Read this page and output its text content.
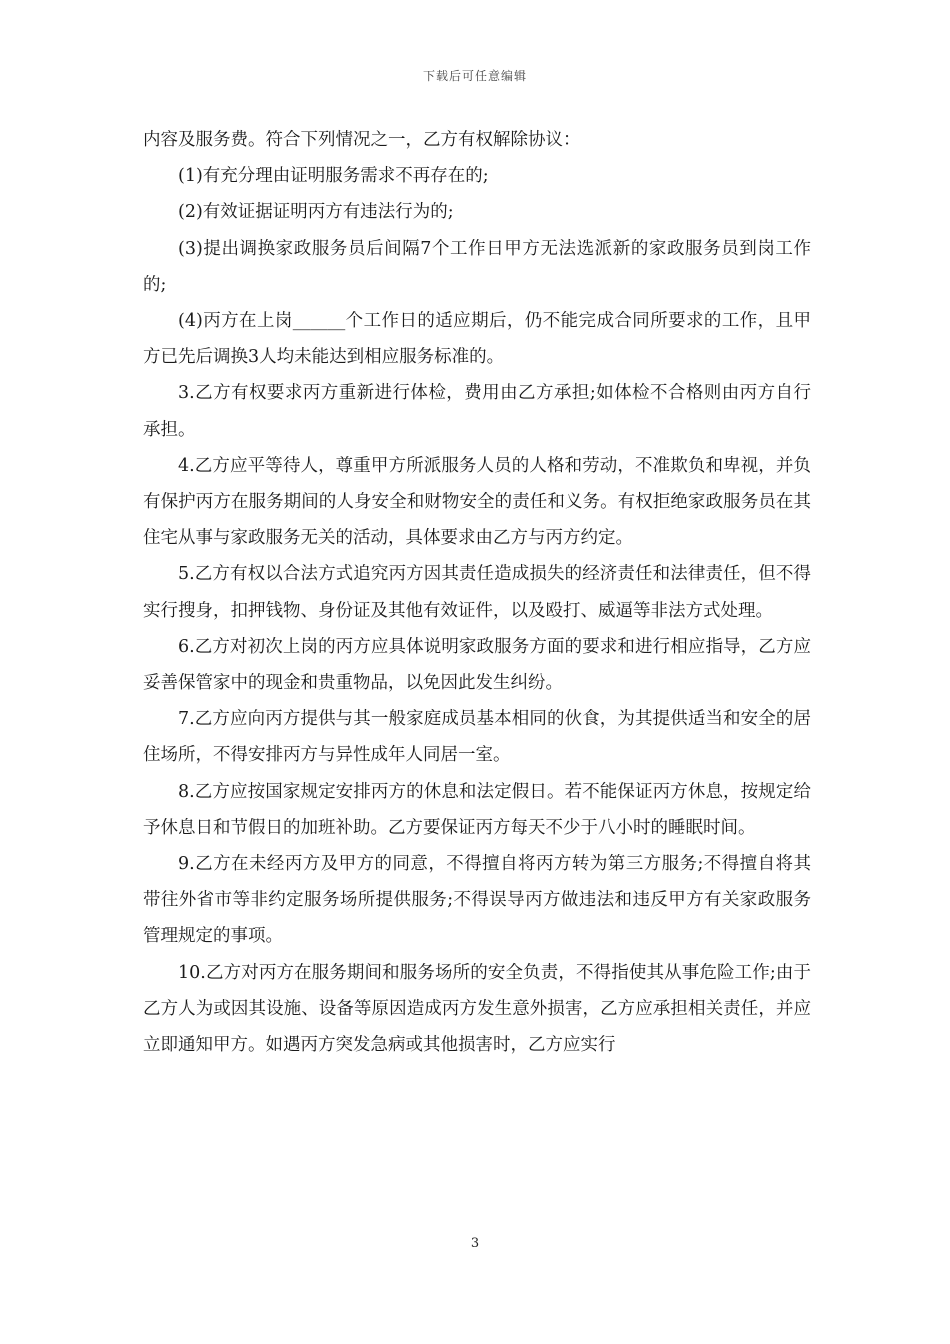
下载后可任意编辑

内容及服务费。符合下列情况之一，乙方有权解除协议：

(1)有充分理由证明服务需求不再存在的;

(2)有效证据证明丙方有违法行为的;

(3)提出调换家政服务员后间隔7个工作日甲方无法选派新的家政服务员到岗工作的;

(4)丙方在上岗______个工作日的适应期后，仍不能完成合同所要求的工作，且甲方已先后调换3人均未能达到相应服务标准的。

3.乙方有权要求丙方重新进行体检，费用由乙方承担;如体检不合格则由丙方自行承担。

4.乙方应平等待人，尊重甲方所派服务人员的人格和劳动，不准欺负和卑视，并负有保护丙方在服务期间的人身安全和财物安全的责任和义务。有权拒绝家政服务员在其住宅从事与家政服务无关的活动，具体要求由乙方与丙方约定。

5.乙方有权以合法方式追究丙方因其责任造成损失的经济责任和法律责任，但不得实行搜身，扣押钱物、身份证及其他有效证件，以及殴打、威逼等非法方式处理。

6.乙方对初次上岗的丙方应具体说明家政服务方面的要求和进行相应指导，乙方应妥善保管家中的现金和贵重物品，以免因此发生纠纷。

7.乙方应向丙方提供与其一般家庭成员基本相同的伙食，为其提供适当和安全的居住场所，不得安排丙方与异性成年人同居一室。

8.乙方应按国家规定安排丙方的休息和法定假日。若不能保证丙方休息，按规定给予休息日和节假日的加班补助。乙方要保证丙方每天不少于八小时的睡眠时间。

9.乙方在未经丙方及甲方的同意，不得擅自将丙方转为第三方服务;不得擅自将其带往外省市等非约定服务场所提供服务;不得误导丙方做违法和违反甲方有关家政服务管理规定的事项。

10.乙方对丙方在服务期间和服务场所的安全负责，不得指使其从事危险工作;由于乙方人为或因其设施、设备等原因造成丙方发生意外损害，乙方应承担相关责任，并应立即通知甲方。如遇丙方突发急病或其他损害时，乙方应实行

3
